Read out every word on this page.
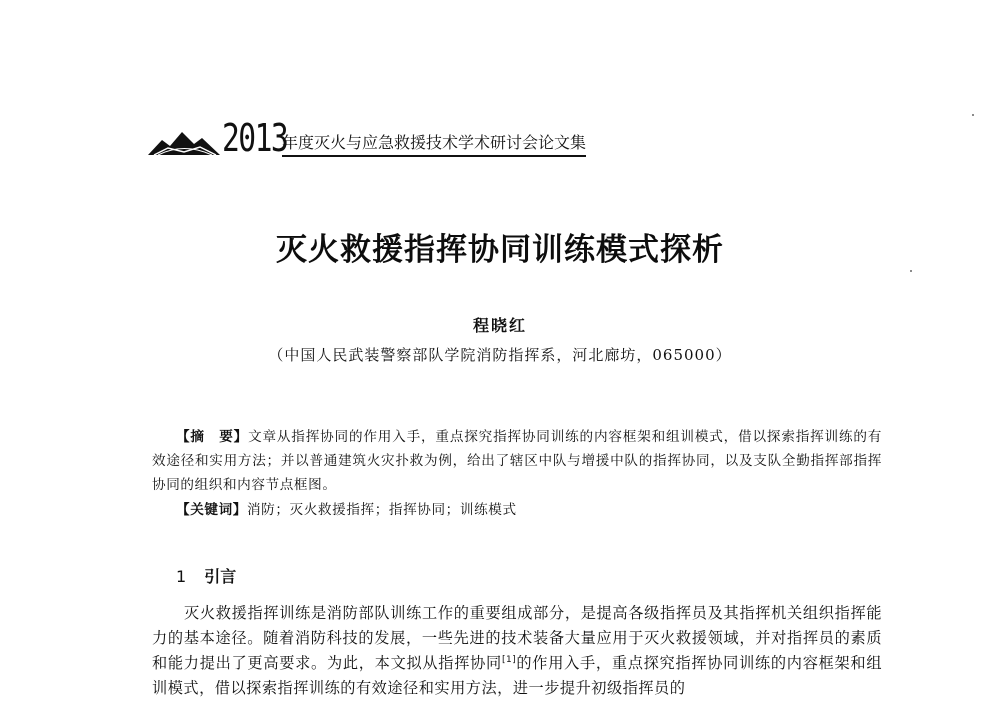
2013
年度灭火与应急救援技术学术研讨会论文集
灭火救援指挥协同训练模式探析
程晓红
（中国人民武装警察部队学院消防指挥系，河北廊坊，065000）
【摘　要】文章从指挥协同的作用入手，重点探究指挥协同训练的内容框架和组训模式，借以探索指挥训练的有效途径和实用方法；并以普通建筑火灾扑救为例，给出了辖区中队与增援中队的指挥协同，以及支队全勤指挥部指挥协同的组织和内容节点框图。
【关键词】消防；灭火救援指挥；指挥协同；训练模式
1 引言
灭火救援指挥训练是消防部队训练工作的重要组成部分，是提高各级指挥员及其指挥机关组织指挥能力的基本途径。随着消防科技的发展，一些先进的技术装备大量应用于灭火救援领域，并对指挥员的素质和能力提出了更高要求。为此，本文拟从指挥协同[1]的作用入手，重点探究指挥协同训练的内容框架和组训模式，借以探索指挥训练的有效途径和实用方法，进一步提升初级指挥员的
